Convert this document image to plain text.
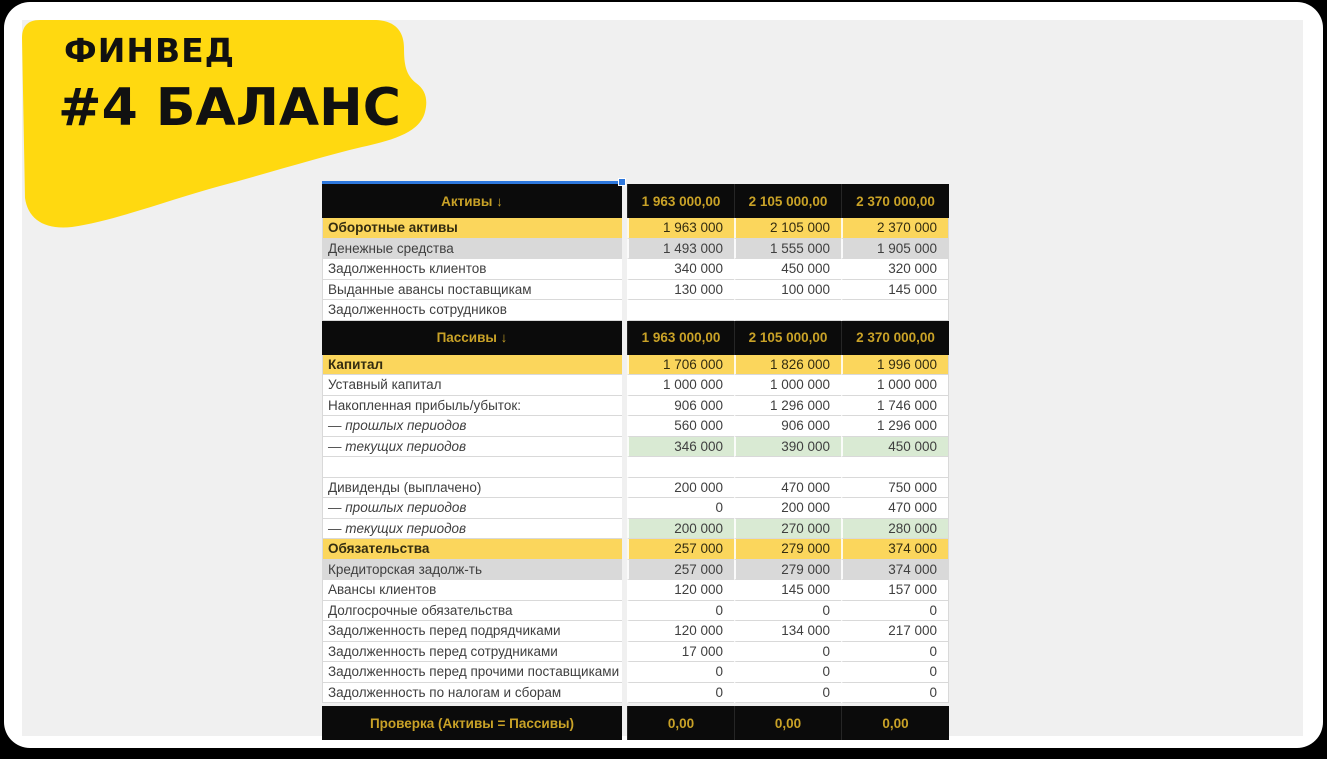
ФИНВЕД
#4 БАЛАНС
Активы ↓	1 963 000,00	2 105 000,00	2 370 000,00
Оборотные активы	1 963 000	2 105 000	2 370 000
Денежные средства	1 493 000	1 555 000	1 905 000
Задолженность клиентов	340 000	450 000	320 000
Выданные авансы поставщикам	130 000	100 000	145 000
Задолженность сотрудников
Пассивы ↓	1 963 000,00	2 105 000,00	2 370 000,00
Капитал	1 706 000	1 826 000	1 996 000
Уставный капитал	1 000 000	1 000 000	1 000 000
Накопленная прибыль/убыток:	906 000	1 296 000	1 746 000
— прошлых периодов	560 000	906 000	1 296 000
— текущих периодов	346 000	390 000	450 000
Дивиденды (выплачено)	200 000	470 000	750 000
— прошлых периодов	0	200 000	470 000
— текущих периодов	200 000	270 000	280 000
Обязательства	257 000	279 000	374 000
Кредиторская задолж-ть	257 000	279 000	374 000
Авансы клиентов	120 000	145 000	157 000
Долгосрочные обязательства	0	0	0
Задолженность перед подрядчиками	120 000	134 000	217 000
Задолженность перед сотрудниками	17 000	0	0
Задолженность перед прочими поставщиками	0	0	0
Задолженность по налогам и сборам	0	0	0
Проверка (Активы = Пассивы)	0,00	0,00	0,00
